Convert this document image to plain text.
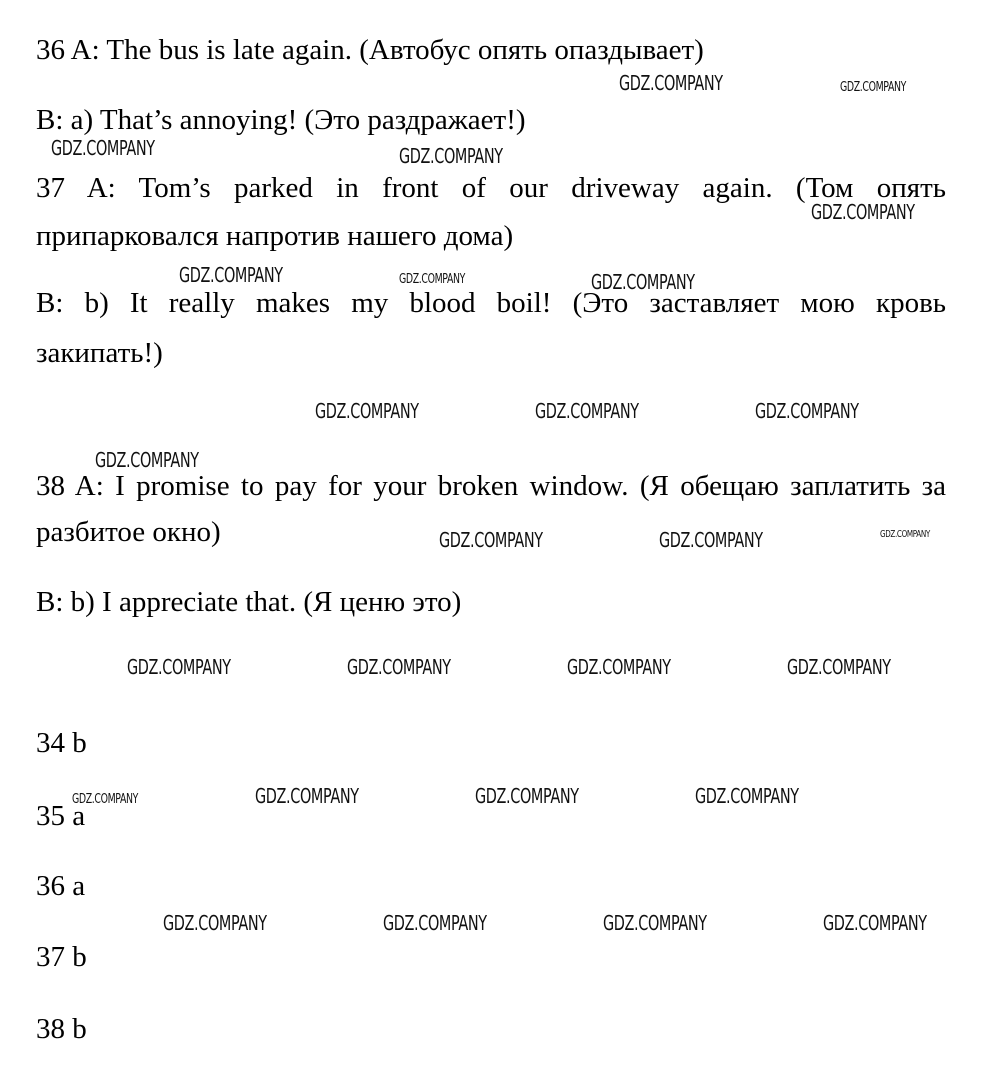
36 A: The bus is late again. (Автобус опять опаздывает)
B: a) That’s annoying! (Это раздражает!)
37 A: Tom’s parked in front of our driveway again. (Том опять
припарковался напротив нашего дома)
B: b) It really makes my blood boil! (Это заставляет мою кровь
закипать!)
38 A: I promise to pay for your broken window. (Я обещаю заплатить за
разбитое окно)
B: b) I appreciate that. (Я ценю это)
34 b
35 a
36 a
37 b
38 b
GDZ.COMPANY	GDZ.COMPANY
GDZ.COMPANY	GDZ.COMPANY
GDZ.COMPANY
GDZ.COMPANY	GDZ.COMPANY	GDZ.COMPANY
GDZ.COMPANY	GDZ.COMPANY	GDZ.COMPANY
GDZ.COMPANY
GDZ.COMPANY	GDZ.COMPANY	GDZ.COMPANY
GDZ.COMPANY	GDZ.COMPANY	GDZ.COMPANY	GDZ.COMPANY
GDZ.COMPANY	GDZ.COMPANY	GDZ.COMPANY	GDZ.COMPANY
GDZ.COMPANY	GDZ.COMPANY	GDZ.COMPANY	GDZ.COMPANY
